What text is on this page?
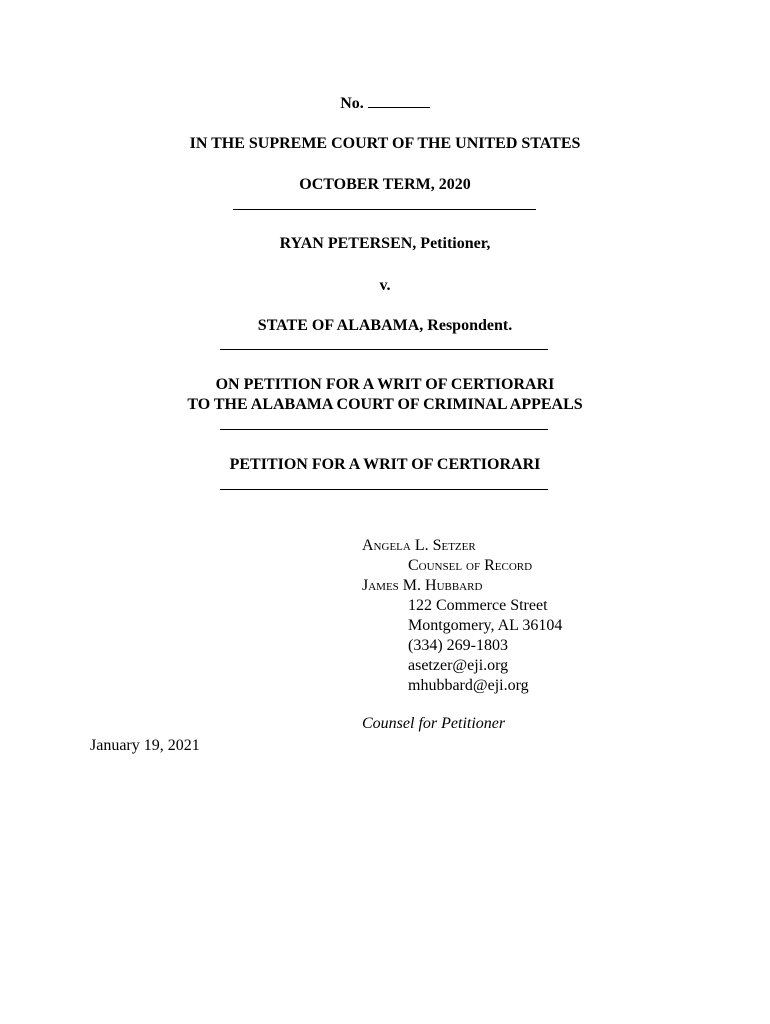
No.
IN THE SUPREME COURT OF THE UNITED STATES
OCTOBER TERM, 2020
RYAN PETERSEN, Petitioner,
v.
STATE OF ALABAMA, Respondent.
ON PETITION FOR A WRIT OF CERTIORARI
TO THE ALABAMA COURT OF CRIMINAL APPEALS
PETITION FOR A WRIT OF CERTIORARI
Angela L. Setzer
Counsel of Record
James M. Hubbard
122 Commerce Street
Montgomery, AL 36104
(334) 269-1803
asetzer@eji.org
mhubbard@eji.org
Counsel for Petitioner
January 19, 2021
